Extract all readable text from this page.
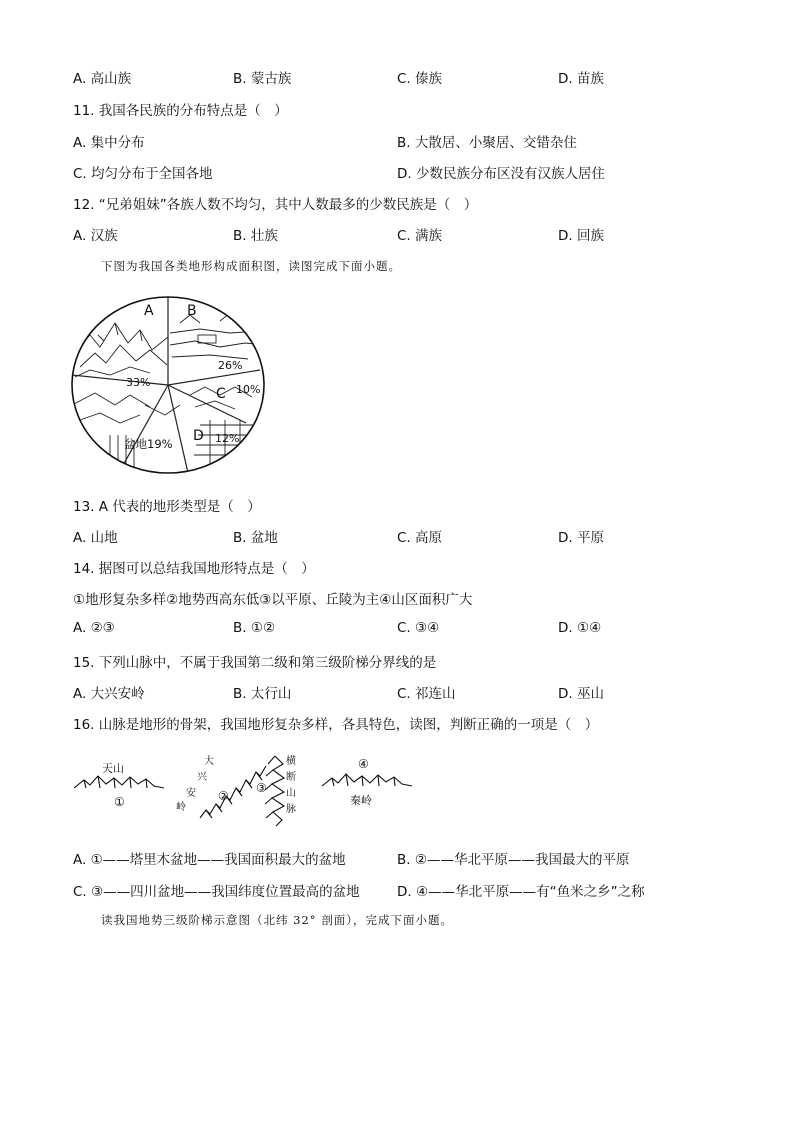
A. 高山族	B. 蒙古族	C. 傣族	D. 苗族
11. 我国各民族的分布特点是（　）
A. 集中分布	B. 大散居、小聚居、交错杂住
C. 均匀分布于全国各地	D. 少数民族分布区没有汉族人居住
12. “兄弟姐妹”各族人数不均匀，其中人数最多的少数民族是（　）
A. 汉族	B. 壮族	C. 满族	D. 回族
下图为我国各类地形构成面积图，读图完成下面小题。
A B
C
D
33%
26%
10%
12%
盆地19%
13. A 代表的地形类型是（　）
A. 山地	B. 盆地	C. 高原	D. 平原
14. 据图可以总结我国地形特点是（　）
①地形复杂多样②地势西高东低③以平原、丘陵为主④山区面积广大
A. ②③	B. ①②	C. ③④	D. ①④
15. 下列山脉中，不属于我国第二级和第三级阶梯分界线的是
A. 大兴安岭	B. 太行山	C. 祁连山	D. 巫山
16. 山脉是地形的骨架，我国地形复杂多样，各具特色，读图，判断正确的一项是（　）
天山
①
大
兴
安
岭
②
横
断
山
脉
③
④
秦岭
A. ①——塔里木盆地——我国面积最大的盆地	B. ②——华北平原——我国最大的平原
C. ③——四川盆地——我国纬度位置最高的盆地	D. ④——华北平原——有“鱼米之乡”之称
读我国地势三级阶梯示意图（北纬 32° 剖面），完成下面小题。
